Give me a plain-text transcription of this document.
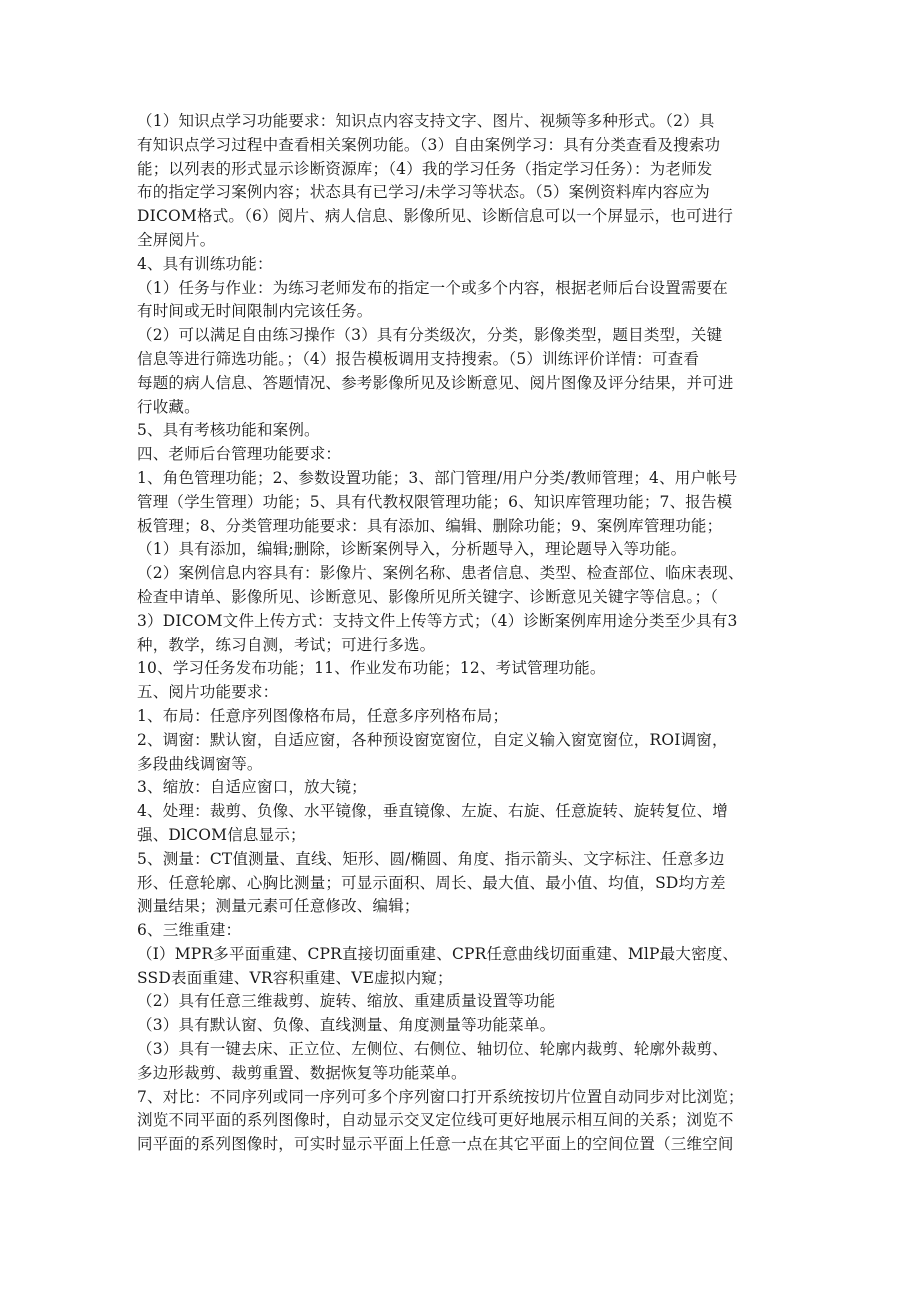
（1）知识点学习功能要求：知识点内容支持文字、图片、视频等多种形式。（2）具
有知识点学习过程中查看相关案例功能。（3）自由案例学习：具有分类查看及搜索功
能；以列表的形式显示诊断资源库；（4）我的学习任务（指定学习任务）：为老师发
布的指定学习案例内容；状态具有已学习/未学习等状态。（5）案例资料库内容应为
DICOM格式。（6）阅片、病人信息、影像所见、诊断信息可以一个屏显示，也可进行
全屏阅片。
4、具有训练功能：
（1）任务与作业：为练习老师发布的指定一个或多个内容，根据老师后台设置需要在
有时间或无时间限制内完该任务。
（2）可以满足自由练习操作（3）具有分类级次，分类，影像类型，题目类型，关键
信息等进行筛选功能。；（4）报告模板调用支持搜索。（5）训练评价详情：可查看
每题的病人信息、答题情况、参考影像所见及诊断意见、阅片图像及评分结果，并可进
行收藏。
5、具有考核功能和案例。
四、老师后台管理功能要求：
1、角色管理功能；2、参数设置功能；3、部门管理/用户分类/教师管理；4、用户帐号
管理（学生管理）功能；5、具有代教权限管理功能；6、知识库管理功能；7、报告模
板管理；8、分类管理功能要求：具有添加、编辑、删除功能；9、案例库管理功能；
（1）具有添加，编辑;删除，诊断案例导入，分析题导入，理论题导入等功能。
（2）案例信息内容具有：影像片、案例名称、患者信息、类型、检查部位、临床表现、
检查申请单、影像所见、诊断意见、影像所见所关键字、诊断意见关键字等信息。；（
3）DICOM文件上传方式：支持文件上传等方式；（4）诊断案例库用途分类至少具有3
种，教学，练习自测，考试；可进行多选。
10、学习任务发布功能；11、作业发布功能；12、考试管理功能。
五、阅片功能要求：
1、布局：任意序列图像格布局，任意多序列格布局；
2、调窗：默认窗，自适应窗，各种预设窗宽窗位，自定义输入窗宽窗位，ROI调窗，
多段曲线调窗等。
3、缩放：自适应窗口，放大镜；
4、处理：裁剪、负像、水平镜像，垂直镜像、左旋、右旋、任意旋转、旋转复位、增
强、DlCOM信息显示；
5、测量：CT值测量、直线、矩形、圆/椭圆、角度、指示箭头、文字标注、任意多边
形、任意轮廓、心胸比测量；可显示面积、周长、最大值、最小值、均值，SD均方差
测量结果；测量元素可任意修改、编辑；
6、三维重建：
（I）MPR多平面重建、CPR直接切面重建、CPR任意曲线切面重建、MlP最大密度、
SSD表面重建、VR容积重建、VE虚拟内窥；
（2）具有任意三维裁剪、旋转、缩放、重建质量设置等功能
（3）具有默认窗、负像、直线测量、角度测量等功能菜单。
（3）具有一键去床、正立位、左侧位、右侧位、轴切位、轮廓内裁剪、轮廓外裁剪、
多边形裁剪、裁剪重置、数据恢复等功能菜单。
7、对比：不同序列或同一序列可多个序列窗口打开系统按切片位置自动同步对比浏览；
浏览不同平面的系列图像时，自动显示交叉定位线可更好地展示相互间的关系；浏览不
同平面的系列图像时，可实时显示平面上任意一点在其它平面上的空间位置（三维空间
